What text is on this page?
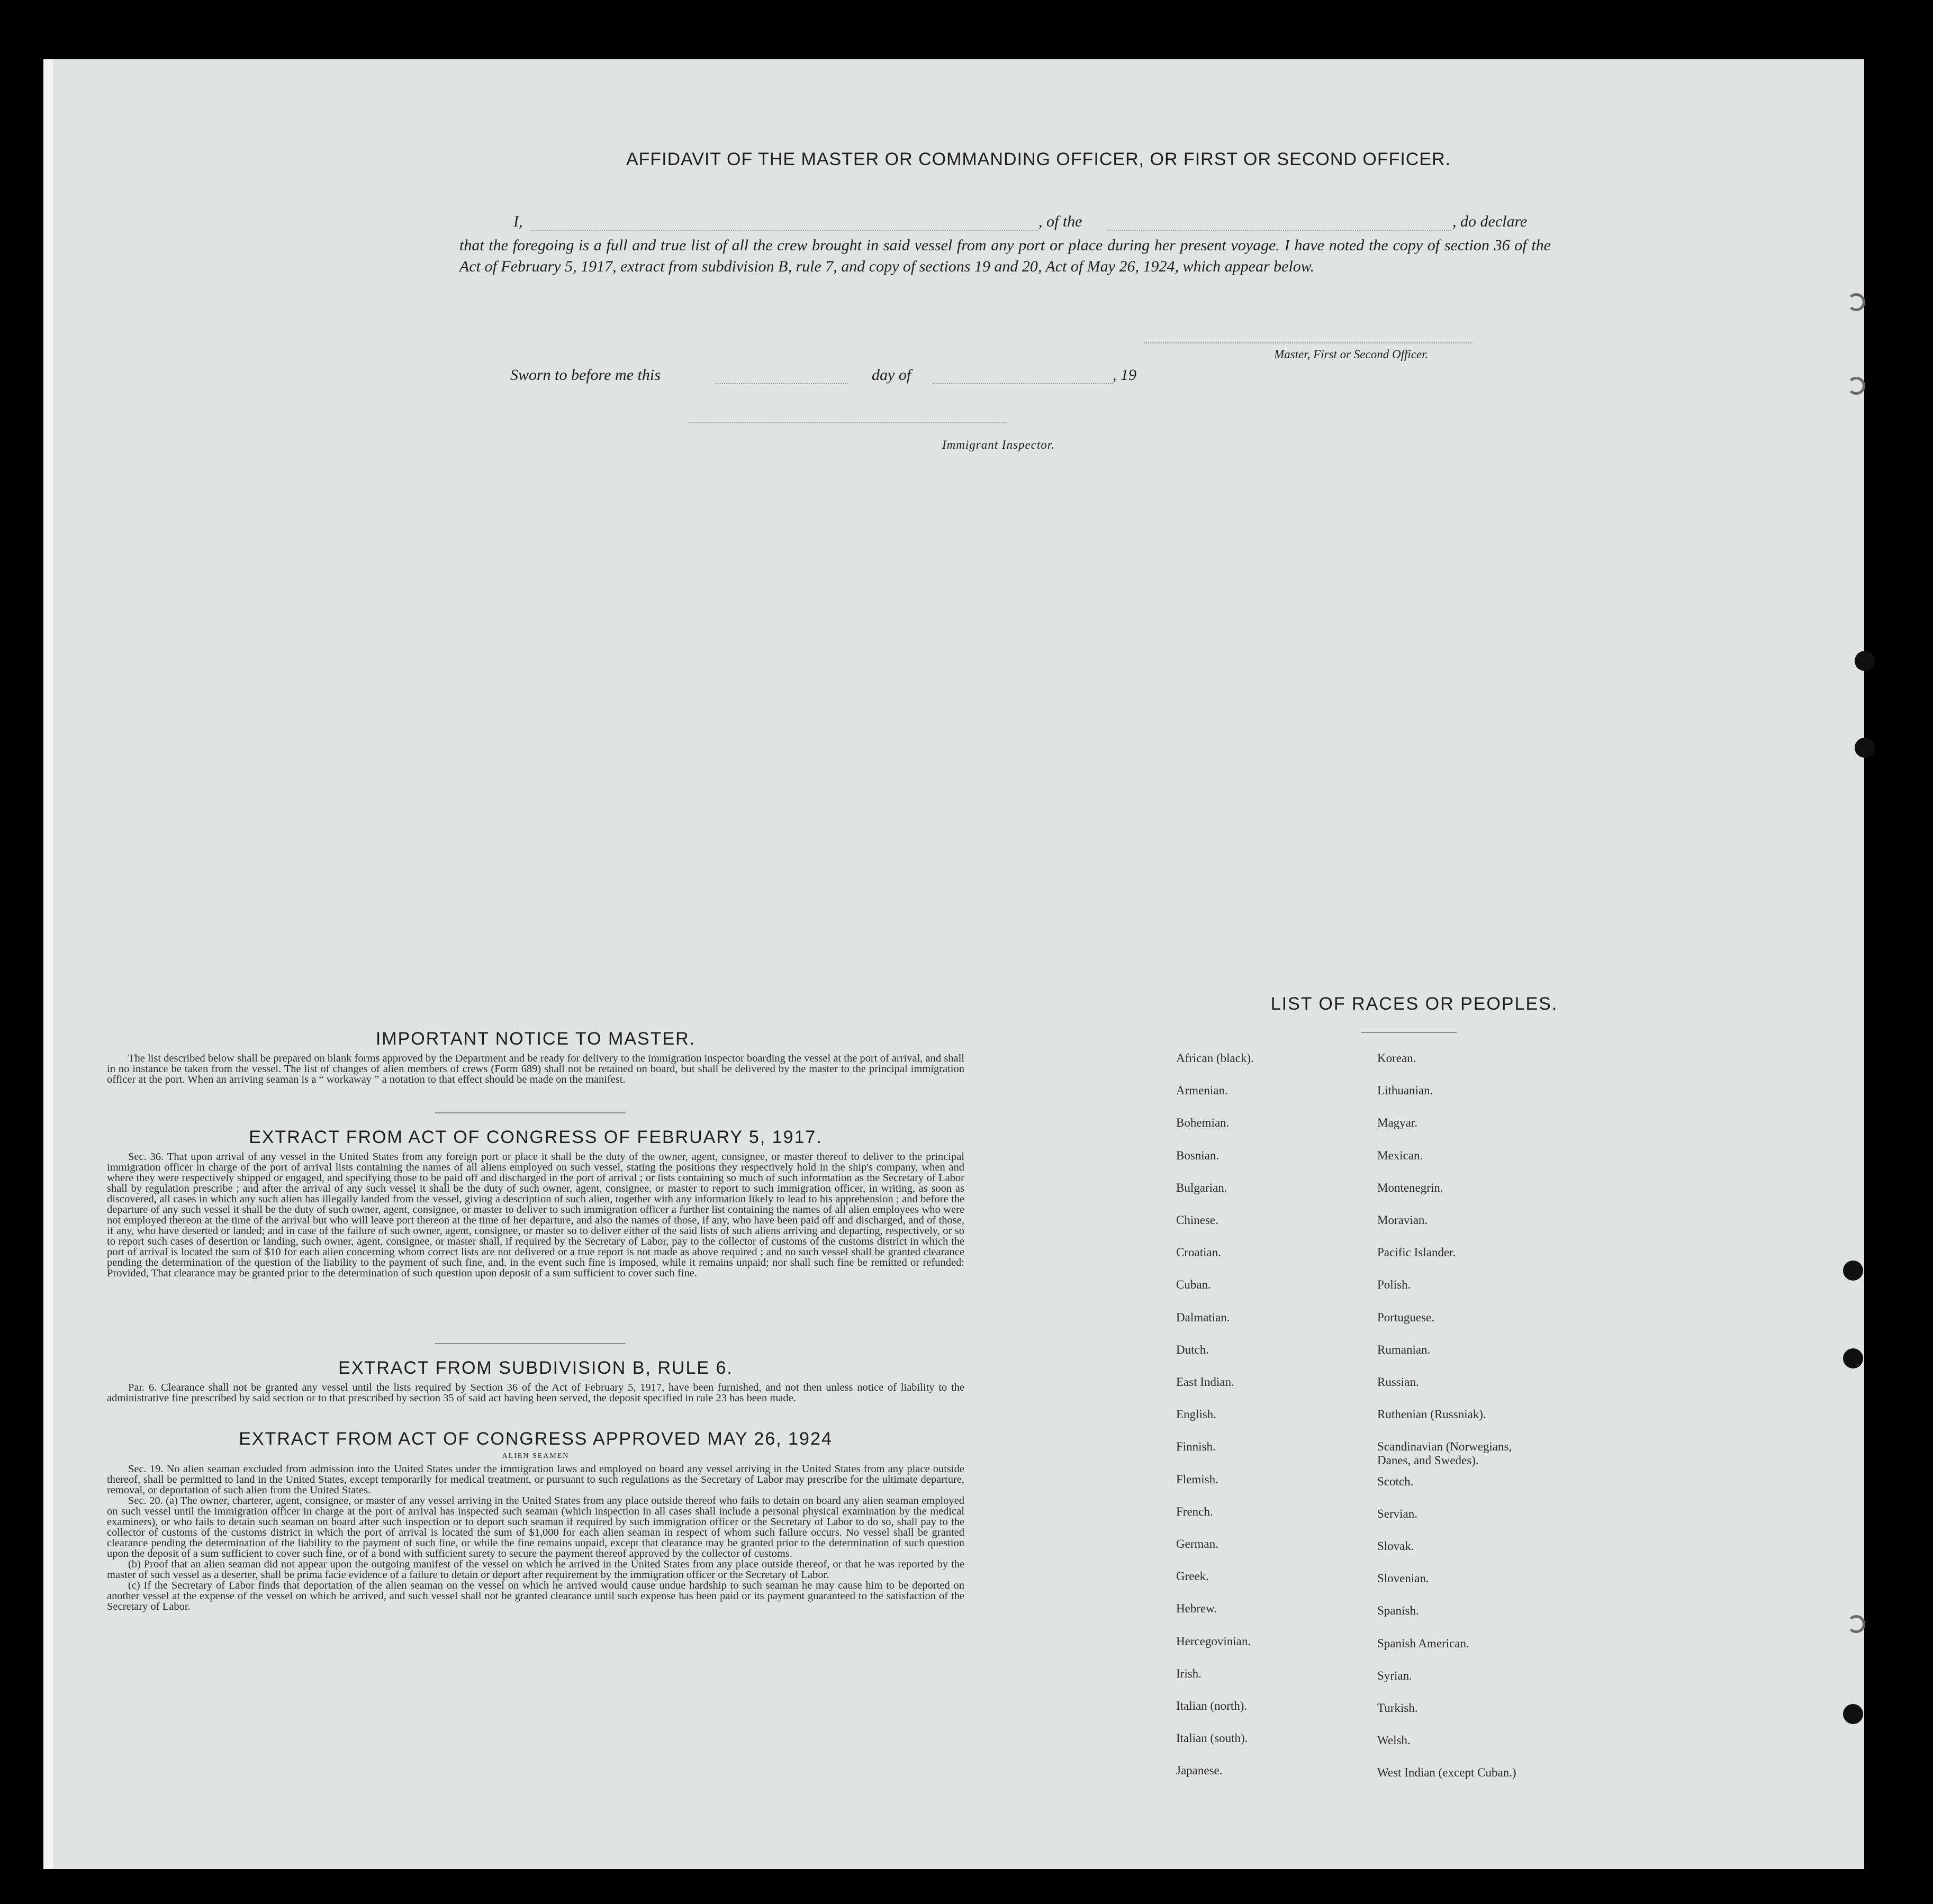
AFFIDAVIT OF THE MASTER OR COMMANDING OFFICER, OR FIRST OR SECOND OFFICER.
I,	, of the	, do declare
that the foregoing is a full and true list of all the crew brought in said vessel from any port or place during her present voyage. I have noted the copy of section 36 of the Act of February 5, 1917, extract from subdivision B, rule 7, and copy of sections 19 and 20, Act of May 26, 1924, which appear below.
Master, First or Second Officer.
Sworn to before me this	day of	, 19
Immigrant Inspector.
IMPORTANT NOTICE TO MASTER.

The list described below shall be prepared on blank forms approved by the Department and be ready for delivery to the immigration inspector boarding the vessel at the port of arrival, and shall in no instance be taken from the vessel. The list of changes of alien members of crews (Form 689) shall not be retained on board, but shall be delivered by the master to the principal immigration officer at the port. When an arriving seaman is a “ workaway ” a notation to that effect should be made on the manifest.

EXTRACT FROM ACT OF CONGRESS OF FEBRUARY 5, 1917.

Sec. 36. That upon arrival of any vessel in the United States from any foreign port or place it shall be the duty of the owner, agent, consignee, or master thereof to deliver to the principal immigration officer in charge of the port of arrival lists containing the names of all aliens employed on such vessel, stating the positions they respectively hold in the ship's company, when and where they were respectively shipped or engaged, and specifying those to be paid off and discharged in the port of arrival ; or lists containing so much of such information as the Secretary of Labor shall by regulation prescribe ; and after the arrival of any such vessel it shall be the duty of such owner, agent, consignee, or master to report to such immigration officer, in writing, as soon as discovered, all cases in which any such alien has illegally landed from the vessel, giving a description of such alien, together with any information likely to lead to his apprehension ; and before the departure of any such vessel it shall be the duty of such owner, agent, consignee, or master to deliver to such immigration officer a further list containing the names of all alien employees who were not employed thereon at the time of the arrival but who will leave port thereon at the time of her departure, and also the names of those, if any, who have been paid off and discharged, and of those, if any, who have deserted or landed; and in case of the failure of such owner, agent, consignee, or master so to deliver either of the said lists of such aliens arriving and departing, respectively, or so to report such cases of desertion or landing, such owner, agent, consignee, or master shall, if required by the Secretary of Labor, pay to the collector of customs of the customs district in which the port of arrival is located the sum of $10 for each alien concerning whom correct lists are not delivered or a true report is not made as above required ; and no such vessel shall be granted clearance pending the determination of the question of the liability to the payment of such fine, and, in the event such fine is imposed, while it remains unpaid; nor shall such fine be remitted or refunded: Provided, That clearance may be granted prior to the determination of such question upon deposit of a sum sufficient to cover such fine.

EXTRACT FROM SUBDIVISION B, RULE 6.

Par. 6. Clearance shall not be granted any vessel until the lists required by Section 36 of the Act of February 5, 1917, have been furnished, and not then unless notice of liability to the administrative fine prescribed by said section or to that prescribed by section 35 of said act having been served, the deposit specified in rule 23 has been made.

EXTRACT FROM ACT OF CONGRESS APPROVED MAY 26, 1924
ALIEN SEAMEN

Sec. 19. No alien seaman excluded from admission into the United States under the immigration laws and employed on board any vessel arriving in the United States from any place outside thereof, shall be permitted to land in the United States, except temporarily for medical treatment, or pursuant to such regulations as the Secretary of Labor may prescribe for the ultimate departure, removal, or deportation of such alien from the United States.

Sec. 20. (a) The owner, charterer, agent, consignee, or master of any vessel arriving in the United States from any place outside thereof who fails to detain on board any alien seaman employed on such vessel until the immigration officer in charge at the port of arrival has inspected such seaman (which inspection in all cases shall include a personal physical examination by the medical examiners), or who fails to detain such seaman on board after such inspection or to deport such seaman if required by such immigration officer or the Secretary of Labor to do so, shall pay to the collector of customs of the customs district in which the port of arrival is located the sum of $1,000 for each alien seaman in respect of whom such failure occurs. No vessel shall be granted clearance pending the determination of the liability to the payment of such fine, or while the fine remains unpaid, except that clearance may be granted prior to the determination of such question upon the deposit of a sum sufficient to cover such fine, or of a bond with sufficient surety to secure the payment thereof approved by the collector of customs.

(b) Proof that an alien seaman did not appear upon the outgoing manifest of the vessel on which he arrived in the United States from any place outside thereof, or that he was reported by the master of such vessel as a deserter, shall be prima facie evidence of a failure to detain or deport after requirement by the immigration officer or the Secretary of Labor.

(c) If the Secretary of Labor finds that deportation of the alien seaman on the vessel on which he arrived would cause undue hardship to such seaman he may cause him to be deported on another vessel at the expense of the vessel on which he arrived, and such vessel shall not be granted clearance until such expense has been paid or its payment guaranteed to the satisfaction of the Secretary of Labor.

LIST OF RACES OR PEOPLES.
African (black).
Armenian.
Bohemian.
Bosnian.
Bulgarian.
Chinese.
Croatian.
Cuban.
Dalmatian.
Dutch.
East Indian.
English.
Finnish.
Flemish.
French.
German.
Greek.
Hebrew.
Hercegovinian.
Irish.
Italian (north).
Italian (south).
Japanese.
Korean.
Lithuanian.
Magyar.
Mexican.
Montenegrin.
Moravian.
Pacific Islander.
Polish.
Portuguese.
Rumanian.
Russian.
Ruthenian (Russniak).
Scandinavian (Norwegians,
Danes, and Swedes).
Scotch.
Servian.
Slovak.
Slovenian.
Spanish.
Spanish American.
Syrian.
Turkish.
Welsh.
West Indian (except Cuban.)
